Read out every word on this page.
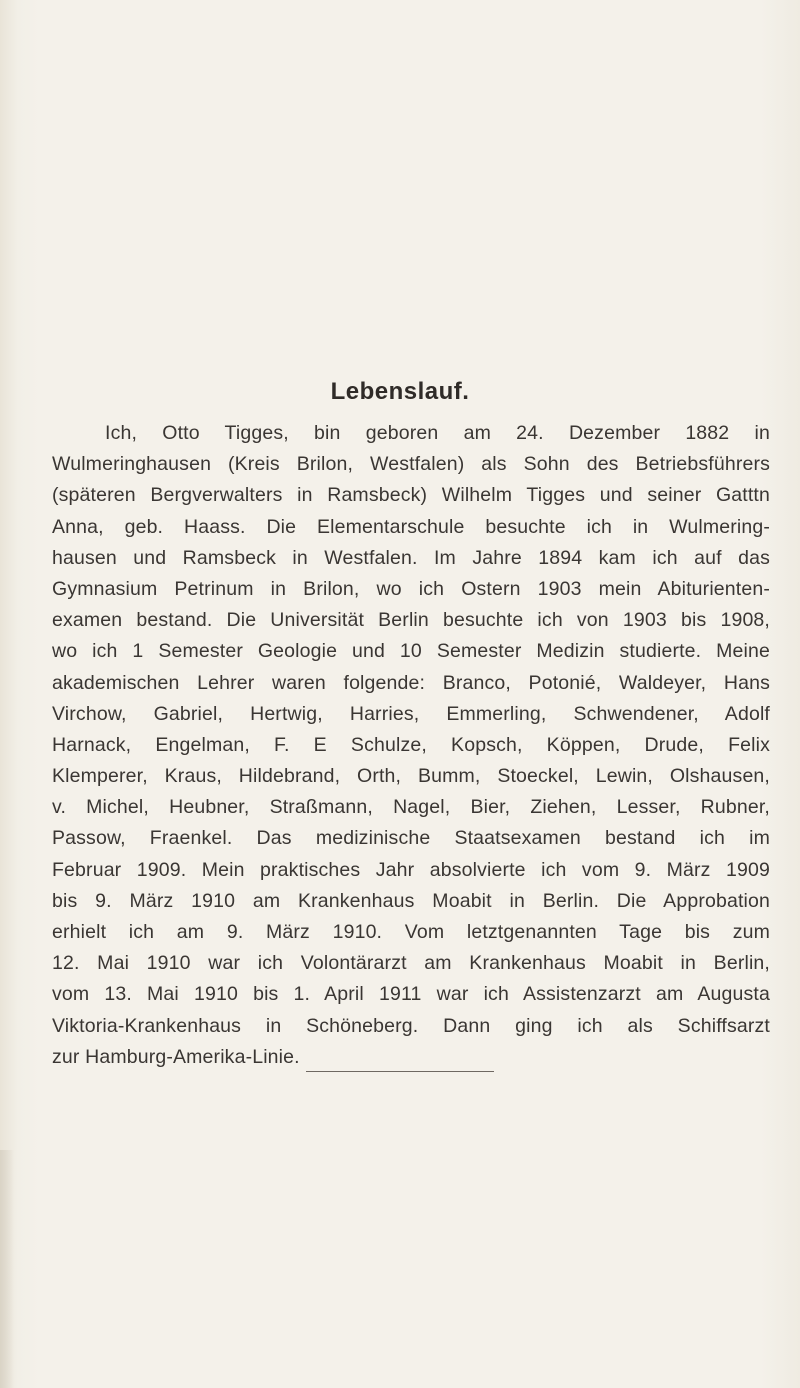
Lebenslauf.
Ich, Otto Tigges, bin geboren am 24. Dezember 1882 in
Wulmeringhausen (Kreis Brilon, Westfalen) als Sohn des Betriebsführers
(späteren Bergverwalters in Ramsbeck) Wilhelm Tigges und seiner Gatttn
Anna, geb. Haass. Die Elementarschule besuchte ich in Wulmering-
hausen und Ramsbeck in Westfalen. Im Jahre 1894 kam ich auf das
Gymnasium Petrinum in Brilon, wo ich Ostern 1903 mein Abiturienten-
examen bestand. Die Universität Berlin besuchte ich von 1903 bis 1908,
wo ich 1 Semester Geologie und 10 Semester Medizin studierte. Meine
akademischen Lehrer waren folgende: Branco, Potonié, Waldeyer, Hans
Virchow, Gabriel, Hertwig, Harries, Emmerling, Schwendener, Adolf
Harnack, Engelman, F. E Schulze, Kopsch, Köppen, Drude, Felix
Klemperer, Kraus, Hildebrand, Orth, Bumm, Stoeckel, Lewin, Olshausen,
v. Michel, Heubner, Straßmann, Nagel, Bier, Ziehen, Lesser, Rubner,
Passow, Fraenkel. Das medizinische Staatsexamen bestand ich im
Februar 1909. Mein praktisches Jahr absolvierte ich vom 9. März 1909
bis 9. März 1910 am Krankenhaus Moabit in Berlin. Die Approbation
erhielt ich am 9. März 1910. Vom letztgenannten Tage bis zum
12. Mai 1910 war ich Volontärarzt am Krankenhaus Moabit in Berlin,
vom 13. Mai 1910 bis 1. April 1911 war ich Assistenzarzt am Augusta
Viktoria-Krankenhaus in Schöneberg. Dann ging ich als Schiffsarzt
zur Hamburg-Amerika-Linie.
